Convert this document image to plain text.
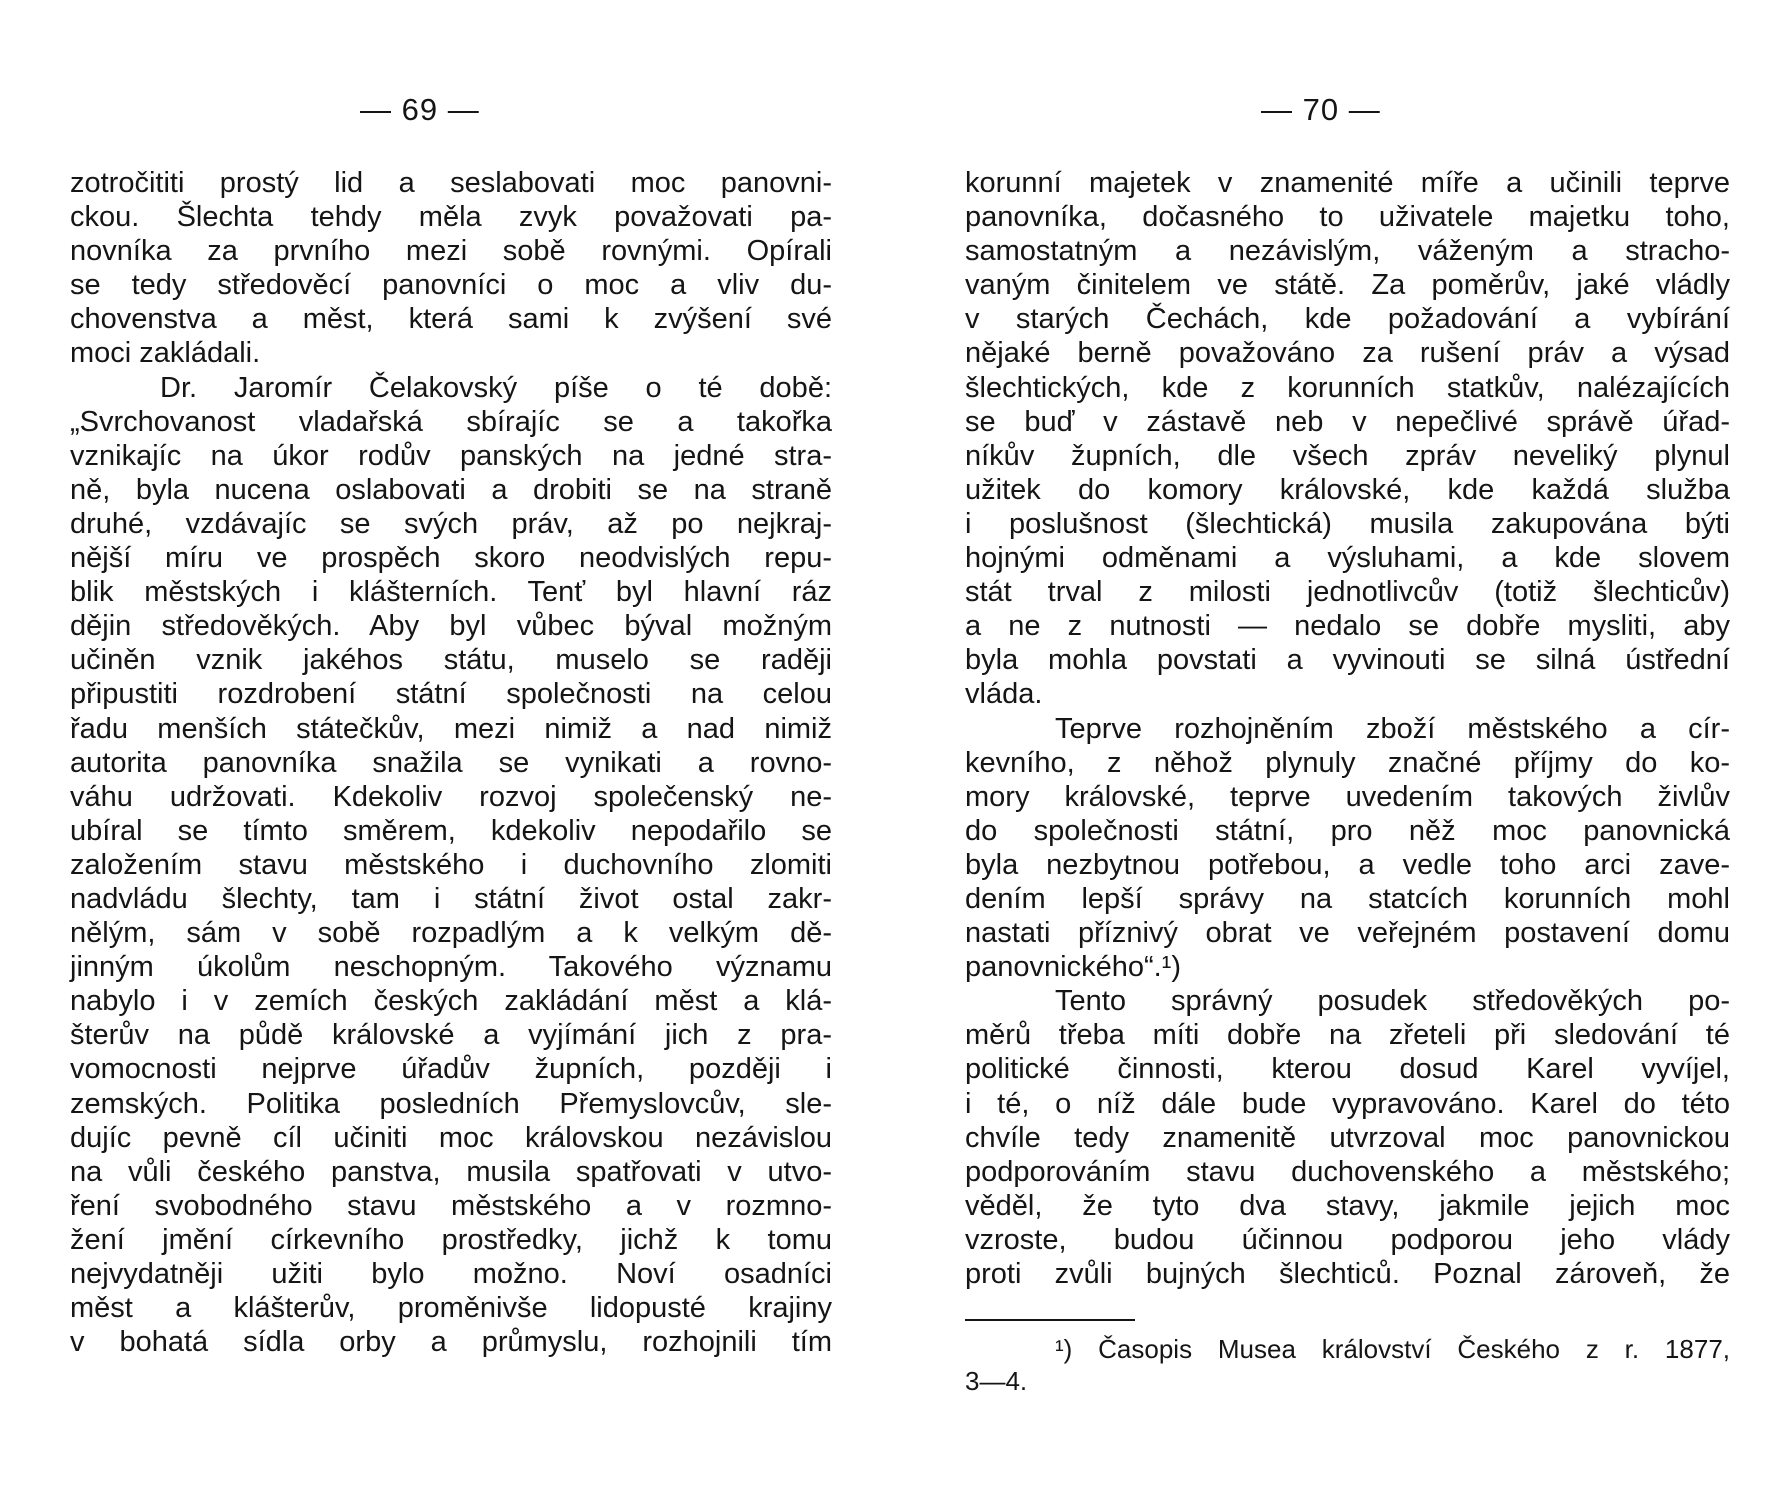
— 69 —
zotročititi prostý lid a seslabovati moc panovni-
ckou. Šlechta tehdy měla zvyk považovati pa-
novníka za prvního mezi sobě rovnými. Opírali
se tedy středověcí panovníci o moc a vliv du-
chovenstva a měst, která sami k zvýšení své
moci zakládali.
Dr. Jaromír Čelakovský píše o té době:
„Svrchovanost vladařská sbírajíc se a takořka
vznikajíc na úkor rodův panských na jedné stra-
ně, byla nucena oslabovati a drobiti se na straně
druhé, vzdávajíc se svých práv, až po nejkraj-
nější míru ve prospěch skoro neodvislých repu-
blik městských i klášterních. Tenť byl hlavní ráz
dějin středověkých. Aby byl vůbec býval možným
učiněn vznik jakéhos státu, muselo se raději
připustiti rozdrobení státní společnosti na celou
řadu menších státečkův, mezi nimiž a nad nimiž
autorita panovníka snažila se vynikati a rovno-
váhu udržovati. Kdekoliv rozvoj společenský ne-
ubíral se tímto směrem, kdekoliv nepodařilo se
založením stavu městského i duchovního zlomiti
nadvládu šlechty, tam i státní život ostal zakr-
nělým, sám v sobě rozpadlým a k velkým dě-
jinným úkolům neschopným. Takového významu
nabylo i v zemích českých zakládání měst a klá-
šterův na půdě královské a vyjímání jich z pra-
vomocnosti nejprve úřadův župních, později i
zemských. Politika posledních Přemyslovcův, sle-
dujíc pevně cíl učiniti moc královskou nezávislou
na vůli českého panstva, musila spatřovati v utvo-
ření svobodného stavu městského a v rozmno-
žení jmění církevního prostředky, jichž k tomu
nejvydatněji užiti bylo možno. Noví osadníci
měst a klášterův, proměnivše lidopusté krajiny
v bohatá sídla orby a průmyslu, rozhojnili tím
— 70 —
korunní majetek v znamenité míře a učinili teprve
panovníka, dočasného to uživatele majetku toho,
samostatným a nezávislým, váženým a stracho-
vaným činitelem ve státě. Za poměrův, jaké vládly
v starých Čechách, kde požadování a vybírání
nějaké berně považováno za rušení práv a výsad
šlechtických, kde z korunních statkův, nalézajících
se buď v zástavě neb v nepečlivé správě úřad-
níkův župních, dle všech zpráv neveliký plynul
užitek do komory královské, kde každá služba
i poslušnost (šlechtická) musila zakupována býti
hojnými odměnami a výsluhami, a kde slovem
stát trval z milosti jednotlivcův (totiž šlechticův)
a ne z nutnosti — nedalo se dobře mysliti, aby
byla mohla povstati a vyvinouti se silná ústřední
vláda.
Teprve rozhojněním zboží městského a cír-
kevního, z něhož plynuly značné příjmy do ko-
mory královské, teprve uvedením takových živlův
do společnosti státní, pro něž moc panovnická
byla nezbytnou potřebou, a vedle toho arci zave-
dením lepší správy na statcích korunních mohl
nastati příznivý obrat ve veřejném postavení domu
panovnického“.¹)
Tento správný posudek středověkých po-
měrů třeba míti dobře na zřeteli při sledování té
politické činnosti, kterou dosud Karel vyvíjel,
i té, o níž dále bude vypravováno. Karel do této
chvíle tedy znamenitě utvrzoval moc panovnickou
podporováním stavu duchovenského a městského;
věděl, že tyto dva stavy, jakmile jejich moc
vzroste, budou účinnou podporou jeho vlády
proti zvůli bujných šlechticů. Poznal zároveň, že
¹) Časopis Musea království Českého z r. 1877,
3—4.
